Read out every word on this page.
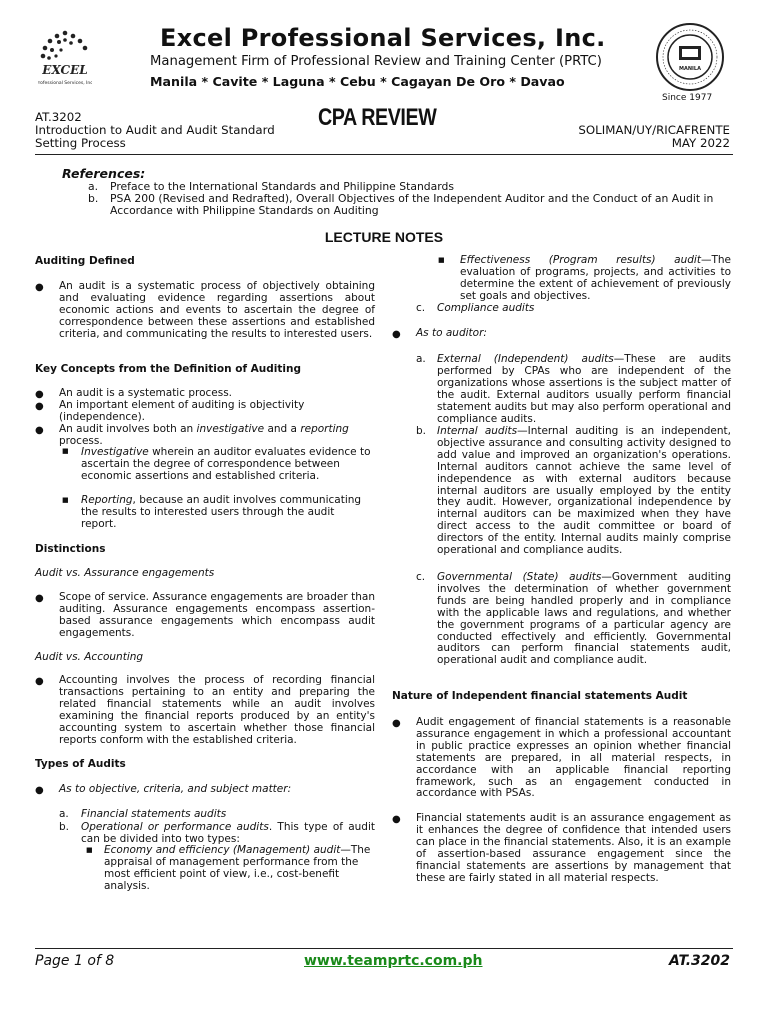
EXCEL
Professional Services, Inc.
Excel Professional Services, Inc.
Management Firm of Professional Review and Training Center (PRTC)
Manila * Cavite * Laguna * Cebu * Cagayan De Oro * Davao
MANILA
Since 1977
AT.3202
Introduction to Audit and Audit Standard
Setting Process
CPA REVIEW	SOLIMAN/UY/RICAFRENTE
MAY 2022
References:
a. Preface to the International Standards and Philippine Standards
b. PSA 200 (Revised and Redrafted), Overall Objectives of the Independent Auditor and the Conduct of an Audit in
Accordance with Philippine Standards on Auditing
LECTURE NOTES
Auditing Defined
● An audit is a systematic process of objectively obtaining and evaluating evidence regarding assertions about economic actions and events to ascertain the degree of correspondence between these assertions and established criteria, and communicating the results to interested users.
Key Concepts from the Definition of Auditing
● An audit is a systematic process.
● An important element of auditing is objectivity (independence).
● An audit involves both an investigative and a reporting process.
■ Investigative wherein an auditor evaluates evidence to ascertain the degree of correspondence between economic assertions and established criteria.
■ Reporting, because an audit involves communicating the results to interested users through the audit report.
Distinctions
Audit vs. Assurance engagements
● Scope of service. Assurance engagements are broader than auditing. Assurance engagements encompass assertion-based assurance engagements which encompass audit engagements.
Audit vs. Accounting
● Accounting involves the process of recording financial transactions pertaining to an entity and preparing the related financial statements while an audit involves examining the financial reports produced by an entity's accounting system to ascertain whether those financial reports conform with the established criteria.
Types of Audits
● As to objective, criteria, and subject matter:
a. Financial statements audits
b. Operational or performance audits. This type of audit can be divided into two types:
■ Economy and efficiency (Management) audit—The appraisal of management performance from the most efficient point of view, i.e., cost-benefit analysis.
■ Effectiveness (Program results) audit—The evaluation of programs, projects, and activities to determine the extent of achievement of previously set goals and objectives.
c. Compliance audits
● As to auditor:
a. External (Independent) audits—These are audits performed by CPAs who are independent of the organizations whose assertions is the subject matter of the audit. External auditors usually perform financial statement audits but may also perform operational and compliance audits.
b. Internal audits—Internal auditing is an independent, objective assurance and consulting activity designed to add value and improved an organization's operations. Internal auditors cannot achieve the same level of independence as with external auditors because internal auditors are usually employed by the entity they audit. However, organizational independence by internal auditors can be maximized when they have direct access to the audit committee or board of directors of the entity. Internal audits mainly comprise operational and compliance audits.
c. Governmental (State) audits—Government auditing involves the determination of whether government funds are being handled properly and in compliance with the applicable laws and regulations, and whether the government programs of a particular agency are conducted effectively and efficiently. Governmental auditors can perform financial statements audit, operational audit and compliance audit.
Nature of Independent financial statements Audit
● Audit engagement of financial statements is a reasonable assurance engagement in which a professional accountant in public practice expresses an opinion whether financial statements are prepared, in all material respects, in accordance with an applicable financial reporting framework, such as an engagement conducted in accordance with PSAs.
● Financial statements audit is an assurance engagement as it enhances the degree of confidence that intended users can place in the financial statements. Also, it is an example of assertion-based assurance engagement since the financial statements are assertions by management that these are fairly stated in all material respects.
Page 1 of 8	www.teamprtc.com.ph	AT.3202
